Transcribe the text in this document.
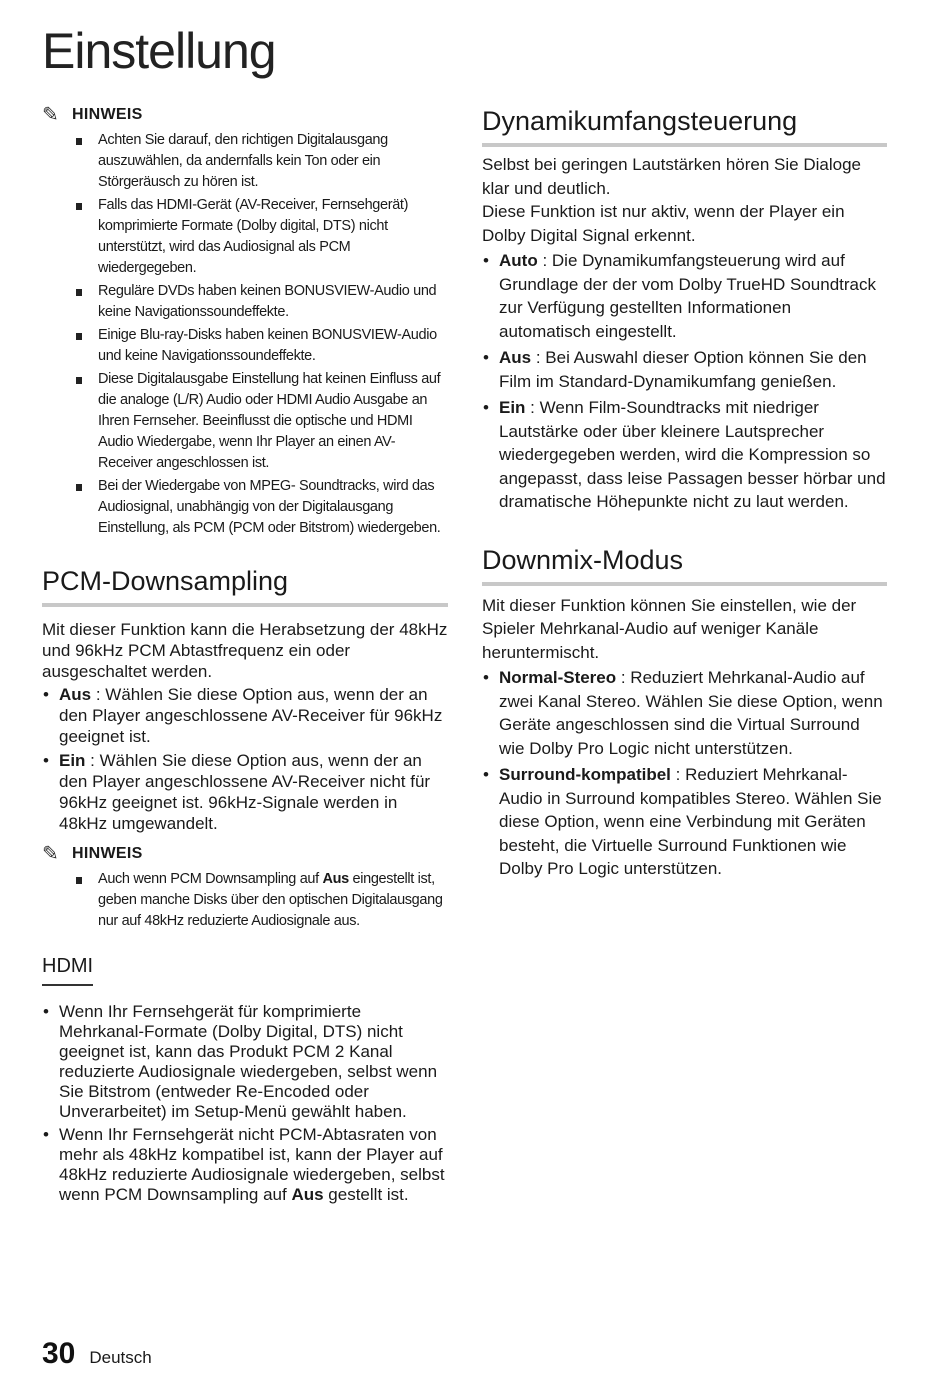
Einstellung
✎ HINWEIS
Achten Sie darauf, den richtigen Digitalausgang auszuwählen, da andernfalls kein Ton oder ein Störgeräusch zu hören ist.
Falls das HDMI-Gerät (AV-Receiver, Fernsehgerät) komprimierte Formate (Dolby digital, DTS) nicht unterstützt, wird das Audiosignal als PCM wiedergegeben.
Reguläre DVDs haben keinen BONUSVIEW-Audio und keine Navigationssoundeffekte.
Einige Blu-ray-Disks haben keinen BONUSVIEW-Audio und keine Navigationssoundeffekte.
Diese Digitalausgabe Einstellung hat keinen Einfluss auf die analoge (L/R) Audio oder HDMI Audio Ausgabe an Ihren Fernseher. Beeinflusst die optische und HDMI Audio Wiedergabe, wenn Ihr Player an einen AV-Receiver angeschlossen ist.
Bei der Wiedergabe von MPEG- Soundtracks, wird das Audiosignal, unabhängig von der Digitalausgang Einstellung, als PCM (PCM oder Bitstrom) wiedergeben.
PCM-Downsampling

Mit dieser Funktion kann die Herabsetzung der 48kHz und 96kHz PCM Abtastfrequenz ein oder ausgeschaltet werden.

• Aus : Wählen Sie diese Option aus, wenn der an den Player angeschlossene AV-Receiver für 96kHz geeignet ist.
• Ein : Wählen Sie diese Option aus, wenn der an den Player angeschlossene AV-Receiver nicht für 96kHz geeignet ist. 96kHz-Signale werden in 48kHz umgewandelt.
✎ HINWEIS
Auch wenn PCM Downsampling auf Aus eingestellt ist, geben manche Disks über den optischen Digitalausgang nur auf 48kHz reduzierte Audiosignale aus.
HDMI
• Wenn Ihr Fernsehgerät für komprimierte Mehrkanal-Formate (Dolby Digital, DTS) nicht geeignet ist, kann das Produkt PCM 2 Kanal reduzierte Audiosignale wiedergeben, selbst wenn Sie Bitstrom (entweder Re-Encoded oder Unverarbeitet) im Setup-Menü gewählt haben.
• Wenn Ihr Fernsehgerät nicht PCM-Abtasraten von mehr als 48kHz kompatibel ist, kann der Player auf 48kHz reduzierte Audiosignale wiedergeben, selbst wenn PCM Downsampling auf Aus gestellt ist.
Dynamikumfangsteuerung

Selbst bei geringen Lautstärken hören Sie Dialoge klar und deutlich.

Diese Funktion ist nur aktiv, wenn der Player ein Dolby Digital Signal erkennt.

• Auto : Die Dynamikumfangsteuerung wird auf Grundlage der der vom Dolby TrueHD Soundtrack zur Verfügung gestellten Informationen automatisch eingestellt.
• Aus : Bei Auswahl dieser Option können Sie den Film im Standard-Dynamikumfang genießen.
• Ein : Wenn Film-Soundtracks mit niedriger Lautstärke oder über kleinere Lautsprecher wiedergegeben werden, wird die Kompression so angepasst, dass leise Passagen besser hörbar und dramatische Höhepunkte nicht zu laut werden.
Downmix-Modus

Mit dieser Funktion können Sie einstellen, wie der Spieler Mehrkanal-Audio auf weniger Kanäle heruntermischt.

• Normal-Stereo : Reduziert Mehrkanal-Audio auf zwei Kanal Stereo. Wählen Sie diese Option, wenn Geräte angeschlossen sind die Virtual Surround wie Dolby Pro Logic nicht unterstützen.
• Surround-kompatibel : Reduziert Mehrkanal-Audio in Surround kompatibles Stereo. Wählen Sie diese Option, wenn eine Verbindung mit Geräten besteht, die Virtuelle Surround Funktionen wie Dolby Pro Logic unterstützen.
30 Deutsch
